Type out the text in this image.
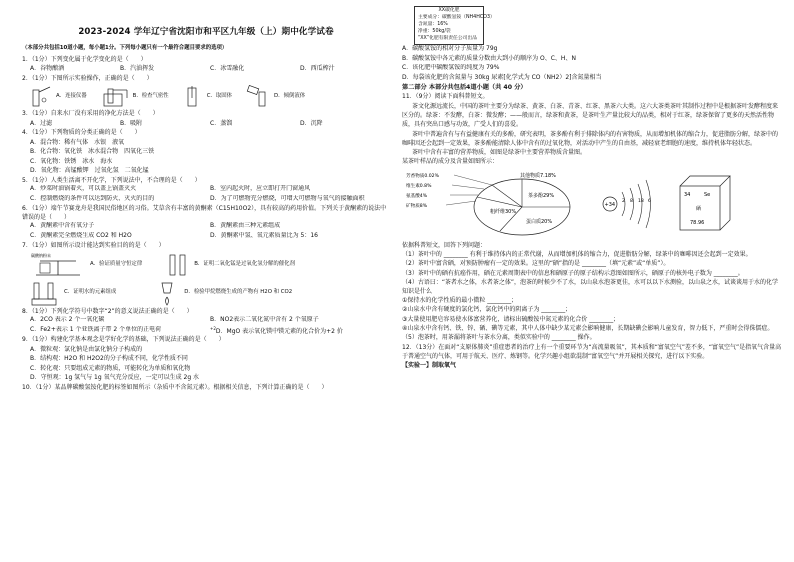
2023-2024 学年辽宁省沈阳市和平区九年级（上）期中化学试卷
（本部分共包括10道小题，每小题1分。下列每小题只有一个最符合题目要求的选项）
1．（1分）下列变化属于化学变化的是（　　）
A．谷物酿酒	B．汽油挥发	C．冰雪融化	D．西瓜榨汁
2．（1分）下图所示实验操作，正确的是（　　）
A．连接仪器	B．检查气密性	C．取固体	D．倾倒液体
3．（1分）自来水厂没有采用的净化方法是（　　）
A．过滤	B．吸附	C．蒸馏	D．沉降
4．（1分）下列物质的分类正确的是（　　）
A．混合物：稀有气体　水银　液氧
B．化合物：氧化铁　冰水混合物　四氧化三铁
C．氧化物：铁锈　冰水　海水
D．氧化物：高锰酸钾　过氧化氢　二氧化锰
5．（1分）人类生活离不开化学，下列说法中，不合理的是（　　）
A．炒菜时油锅着火，可以盖上锅盖灭火	B．室内起火时，应立即打开门窗通风
C．控制燃烧的条件可以达到防火、灭火的目的	D．为了可燃物充分燃烧，可增大可燃物与氧气的接触面积
6．（1分）端午节赛龙舟是我国民俗地区的习俗。艾草含有丰富的黄酮素（C15H10O2），具有较高的药用价值。下列关于黄酮素的说法中错误的是（　　）
A．黄酮素中含有氧分子	B．黄酮素由三种元素组成
C．黄酮素完全燃烧生成 CO2 和 H2O	D．黄酮素中氢、氧元素质量比为 5：16
7．（1分）如图所示设计能达到实验目的的是（　　）
碳酸钠粉末
A．验证质量守恒定律	B．证明二氧化锰是过氧化氢分解的催化剂
C．证明水的元素组成	D．检验甲烷燃烧生成的产物有 H2O 和 CO2
8．（1分）下列化学符号中数字“2”的意义说法正确的是（　　）
A．2CO 表示 2 个一氧化碳	B．NO2表示二氧化氮中含有 2 个氧原子
C．Fe2+表示 1 个亚铁离子带 2 个单位的正电荷	$^{+2}$D．MgO 表示氧化镁中镁元素的化合价为+2 价
9．（1分）构建化学基本观念是学好化学的基础，下列说法正确的是（　　）
A．微粒观：氯化钠是由氯化钠分子构成的
B．结构观：H2O 和 H2O2的分子构成不同，化学性质不同
C．转化观：只要组成元素的物质，可能转化为单质和氧化物
D．守恒观：1g 氢气与 1g 氧气充分反应，一定可以生成 2g 水
10．（1分）某品牌碳酸氢铵化肥的标签如图所示（杂质中不含氮元素）。根据相关信息，下列计算正确的是（　　）
XX碳化肥
主要成分：碳酸氢铵（NH4HCO3）
含氮量：16%
净重：50kg/袋
“XX”化肥有限责任公司出品
A．碳酸氢铵的相对分子质量为 79g
B．碳酸氢铵中各元素的质量分数由大到小的顺序为 O、C、H、N
C．该化肥中碳酸氢铵的纯度为 79%
D．每袋该化肥的含氮量与 30kg 尿素[化学式为 CO（NH2）2]含氮量相当
第二部分 本部分共包括4道小题（共 40 分）
11．（9分）阅读下面科普短文。
茶文化源远流长，中国的茶叶主要分为绿茶、黄茶、白茶、青茶、红茶、黑茶六大类。这六大茶类茶叶其制作过程中是根据茶叶发酵程度来区分的。绿茶：不发酵，白茶：微发酵；——般而言，绿茶和黄茶，是茶叶生产量比较大的品类，相对于红茶，绿茶保留了更多的天然活性物质，具有突出口感与功效，广受人们的喜爱。
茶叶中普遍含有与有益健康有关的多酚，研究表明，茶多酚有利于排除体内的有害物质，从而增加机体的缩合力，促进脂肪分解，绿茶中的咖啡因还会起到一定效果，茶多酚能清除人体中含有的过氧化物，对活动中产生的自由基，减轻衰老细胞的速度，维持机体年轻状态。
茶叶中含有丰富的营养物质，如图是绿茶中主要营养物质含量图。
某茶叶样品的成分及含量如图所示：
茶多酚29%
粗纤维30%
蛋白质20%
其他物质7.18%
芳香物质0.02%
维生素0.8%
氨基酸4%
矿物质8%	+34
2 8 18 6
34	Se
硒
78.96
依据科普短文，回答下列问题：
（1）茶叶中的 ________ 有利于维持体内的正常代谢，从而增加机体的缩合力，促进脂肪分解，绿茶中的咖啡因还会起到一定效果。
（2）茶叶中富含硒，对预防肿瘤有一定的效果。这里的“硒”指的是 ________（填“元素”或“单质”）。
（3）茶叶中的硒有抗癌作用，硒在元素周期表中的信息和硒原子的原子结构示意图如图所示，硒原子的核外电子数为 ________。
（4）古语曰：“茶者水之体，水者茶之体”，泡茶的时候少不了水，以山泉水泡茶更佳，水可以以下水测验，以山泉之水，试谈谈用于水的化学知识是什么
①保持水的化学性质的最小微粒 ________；
②山泉水中含有硬度的氯化钙，氯化钙中的阴离子为 ________；
③大量使用肥皂容易使水体富营养化，请标出硫酸铵中氮元素的化合价 ________；
④山泉水中含有钙、铁、锌、硒、碘等元素，其中人体中缺少某元素会影响健康，长期缺碘会影响儿童发育，智力低下，严重时会得侏儒症。
（5）泡茶时，用茶漏将茶叶与茶水分离，类似实验中的 ________ 操作。
12．（13分）在面对“支原体肺炎”重症患者的治疗上有一个重要环节为“高流量吸氧”，其本质和“富氧空气”差不多，“富氧空气”是指氧气含量高于普通空气的气体，可用于航天、医疗、炼钢等。化学兴趣小组欲混制“富氧空气”并开展相关探究，进行以下实验。
【实验一】制取氧气
